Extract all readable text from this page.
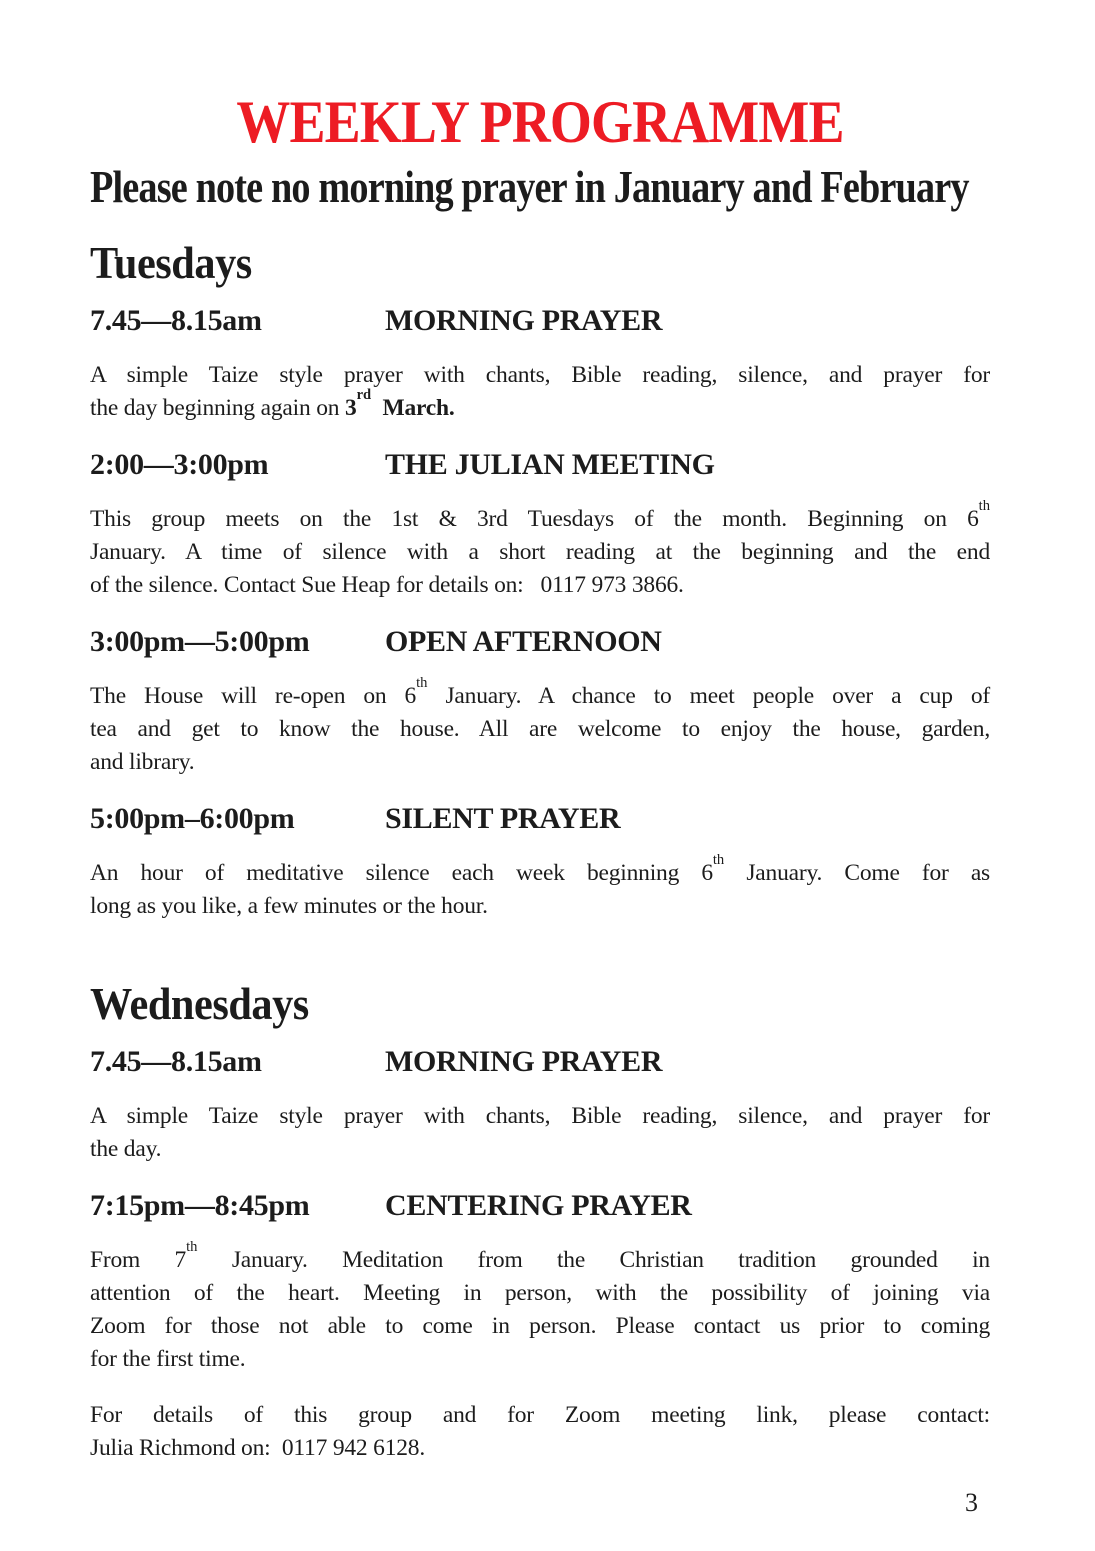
WEEKLY PROGRAMME
Please note no morning prayer in January and February
Tuesdays
7.45—8.15am	MORNING PRAYER
A simple Taize style prayer with chants, Bible reading, silence, and prayer for
the day beginning again on 3rd  March.
2:00—3:00pm	THE JULIAN MEETING
This group meets on the 1st & 3rd Tuesdays of the month. Beginning on 6th
January. A time of silence with a short reading at the beginning and the end
of the silence. Contact Sue Heap for details on:   0117 973 3866.
3:00pm—5:00pm	OPEN AFTERNOON
The House will re-open on 6th January. A chance to meet people over a cup of
tea and get to know the house. All are welcome to enjoy the house, garden,
and library.
5:00pm–6:00pm	SILENT PRAYER
An hour of meditative silence each week beginning 6th January. Come for as
long as you like, a few minutes or the hour.
Wednesdays
7.45—8.15am	MORNING PRAYER
A simple Taize style prayer with chants, Bible reading, silence, and prayer for
the day.
7:15pm—8:45pm	CENTERING PRAYER
From 7th January. Meditation from the Christian tradition grounded in
attention of the heart. Meeting in person, with the possibility of joining via
Zoom for those not able to come in person. Please contact us prior to coming
for the first time.
For details of this group and for Zoom meeting link, please contact:
Julia Richmond on:  0117 942 6128.
3
